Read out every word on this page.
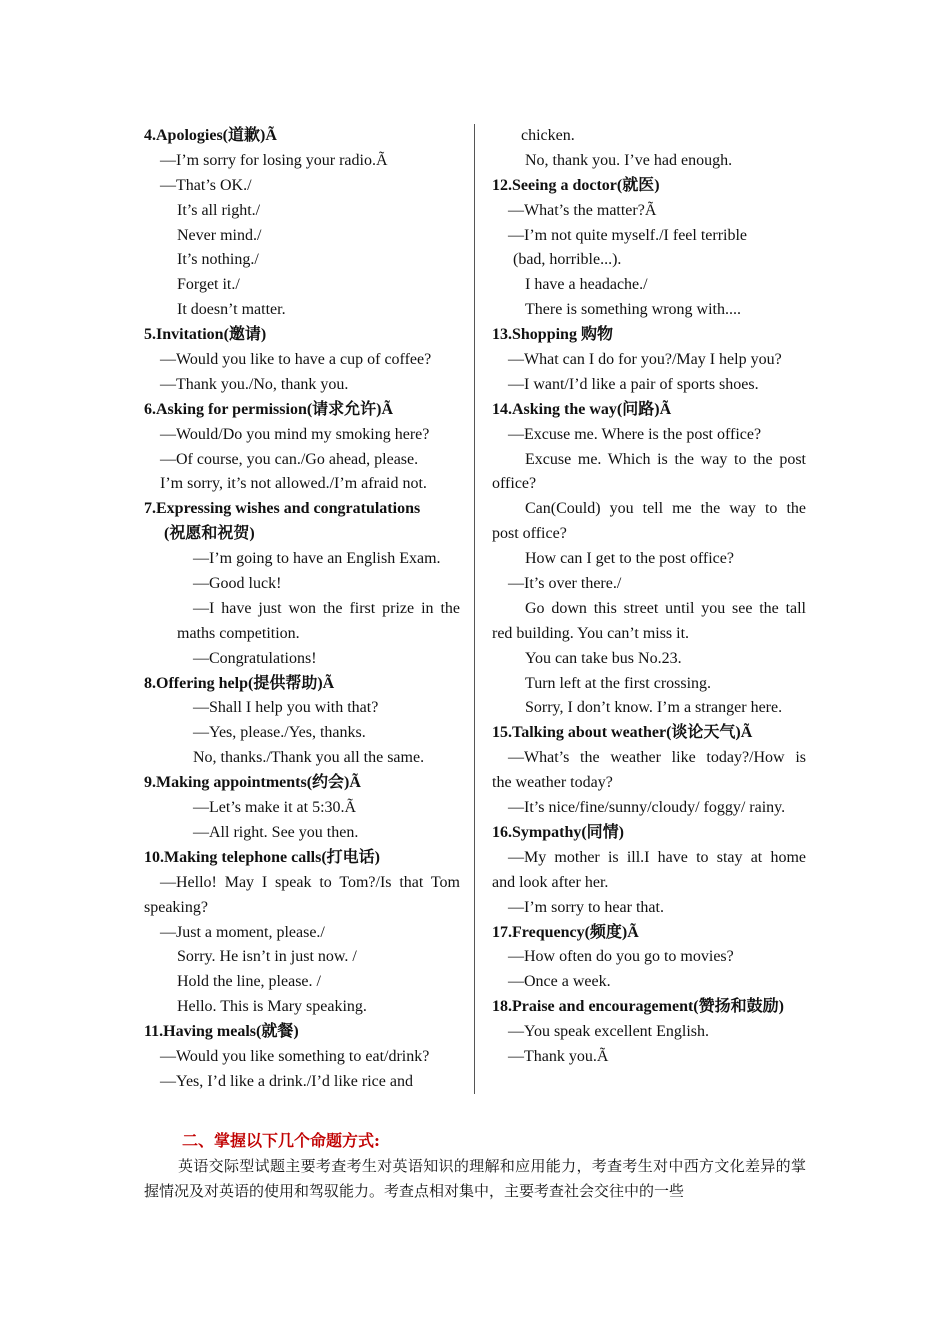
4.Apologies(道歉)Ã
—I’m sorry for losing your radio.Ã
—That’s OK./
It’s all right./
Never mind./
It’s nothing./
Forget it./
It doesn’t matter.
5.Invitation(邀请)
—Would you like to have a cup of coffee?
—Thank you./No, thank you.
6.Asking for permission(请求允许)Ã
—Would/Do you mind my smoking here?
—Of course, you can./Go ahead, please.
I’m sorry, it’s not allowed./I’m afraid not.
7.Expressing wishes and congratulations
(祝愿和祝贺)
—I’m going to have an English Exam.
—Good luck!
—I have just won the first prize in the
maths competition.
—Congratulations!
8.Offering help(提供帮助)Ã
—Shall I help you with that?
—Yes, please./Yes, thanks.
No, thanks./Thank you all the same.
9.Making appointments(约会)Ã
—Let’s make it at 5:30.Ã
—All right. See you then.
10.Making telephone calls(打电话)
—Hello! May I speak to Tom?/Is that Tom
speaking?
—Just a moment, please./
Sorry. He isn’t in just now. /
Hold the line, please. /
Hello. This is Mary speaking.
11.Having meals(就餐)
—Would you like something to eat/drink?
—Yes, I’d like a drink./I’d like rice and
chicken.
No, thank you. I’ve had enough.
12.Seeing a doctor(就医)
—What’s the matter?Ã
—I’m not quite myself./I feel terrible
(bad, horrible...).
I have a headache./
There is something wrong with....
13.Shopping 购物
—What can I do for you?/May I help you?
—I want/I’d like a pair of sports shoes.
14.Asking the way(问路)Ã
—Excuse me. Where is the post office?
Excuse me. Which is the way to the post
office?
Can(Could) you tell me the way to the
post office?
How can I get to the post office?
—It’s over there./
Go down this street until you see the tall
red building. You can’t miss it.
You can take bus No.23.
Turn left at the first crossing.
Sorry, I don’t know. I’m a stranger here.
15.Talking about weather(谈论天气)Ã
—What’s the weather like today?/How is
the weather today?
—It’s nice/fine/sunny/cloudy/ foggy/ rainy.
16.Sympathy(同情)
—My mother is ill.I have to stay at home
and look after her.
—I’m sorry to hear that.
17.Frequency(频度)Ã
—How often do you go to movies?
—Once a week.
18.Praise and encouragement(赞扬和鼓励)
—You speak excellent English.
—Thank you.Ã
二、掌握以下几个命题方式:
英语交际型试题主要考查考生对英语知识的理解和应用能力，考查考生对中西方文化差异的掌握情况及对英语的使用和驾驭能力。考查点相对集中，主要考查社会交往中的一些
